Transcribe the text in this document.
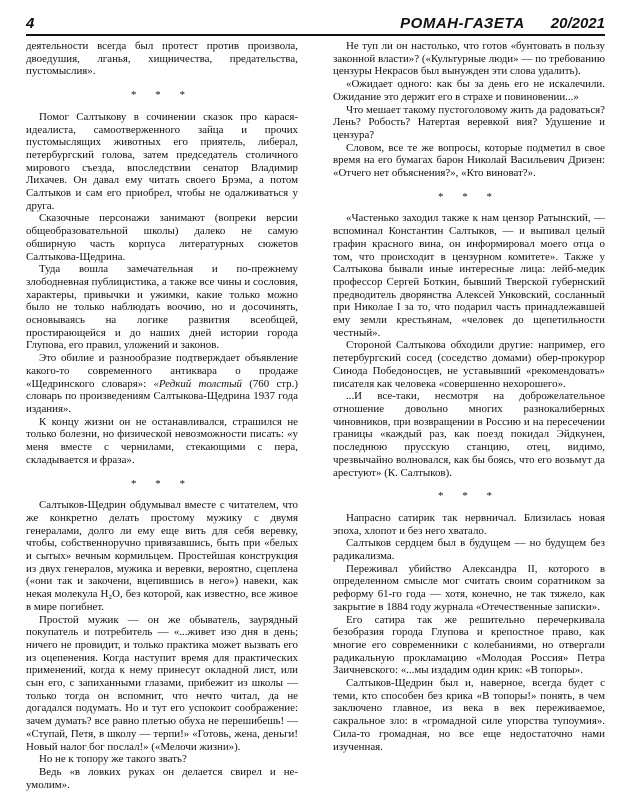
4	РОМАН-ГАЗЕТА 20/2021

деятельности всегда был протест против произвола, двоедушия, лганья, хищничества, предательства, пустомыслия».

* * *

Помог Салтыкову в сочинении сказок про карася-идеалиста, самоотверженного зайца и прочих пустомыслящих животных его приятель, либерал, петербургский голова, затем председатель столичного мирового съезда, впоследствии сенатор Владимир Лихачев. Он давал ему читать своего Брэма, а потом Салтыков и сам его приобрел, чтобы не одалживаться у друга.

Сказочные персонажи занимают (вопреки версии общеобразовательной школы) далеко не самую обширную часть корпуса литературных сюжетов Салтыкова-Щедрина.

Туда вошла замечательная и по-прежнему злободневная публицистика, а также все чины и сословия, характеры, привычки и ужимки, какие только можно было не только наблюдать воочию, но и досочинять, основываясь на логике развития всеобщей, простирающейся и до наших дней истории города Глупова, его правил, уложений и законов.

Это обилие и разнообразие подтверждает объявление какого-то современного антиквара о продаже «Щедринского словаря»: «Редкий толстый (760 стр.) словарь по произведениям Салтыкова-Щедрина 1937 года издания».

К концу жизни он не останавливался, страшился не только болезни, но физической невозможности писать: «у меня вместе с чернилами, стекающими с пера, складывается и фраза».

* * *

Салтыков-Щедрин обдумывал вместе с читателем, что же конкретно делать простому мужику с двумя генералами, долго ли ему еще вить для себя веревку, чтобы, собственноручно привязавшись, быть при «белых и сытых» вечным кормильцем. Простейшая конструкция из двух генералов, мужика и веревки, вероятно, сцеплена («они так и закочени, вцепившись в него») навеки, как некая молекула H₂O, без которой, как известно, все живое в мире погибнет.

Простой мужик — он же обыватель, заурядный покупатель и потребитель — «...живет изо дня в день; ничего не провидит, и только практика может вызвать его из оцепенения. Когда наступит время для практических применений, когда к нему принесут окладной лист, или сын его, с запиханными глазами, прибежит из школы — только тогда он вспомнит, что нечто читал, да не догадался подумать. Но и тут его успокоит соображение: зачем думать? все равно плетью обуха не перешибешь! — «Ступай, Петя, в школу — терпи!» «Готовь, жена, деньги! Новый налог бог послал!» («Мелочи жизни»).

Но не к топору же такого звать?

Ведь «в ловких руках он делается свирел и не-умолим».

Не туп ли он настолько, что готов «бунтовать в пользу законной власти»? («Культурные люди» — по требованию цензуры Некрасов был вынужден эти слова удалить).

«Ожидает одного: как бы за день его не искалечили. Ожидание это держит его в страхе и повиновении...»

Что мешает такому пустоголовому жить да радоваться? Лень? Робость? Натертая веревкой вия? Удушение и цензура?

Словом, все те же вопросы, которые подметил в свое время на его бумагах барон Николай Васильевич Дризен: «Отчего нет объяснения?», «Кто виноват?».

* * *

«Частенько заходил также к нам цензор Ратынский, — вспоминал Константин Салтыков, — и выпивал целый графин красного вина, он информировал моего отца о том, что происходит в цензурном комитете». Также у Салтыкова бывали иные интересные лица: лейб-медик профессор Сергей Боткин, бывший Тверской губернский предводитель дворянства Алексей Унковский, сосланный при Николае I за то, что подарил часть принадлежавшей ему земли крестьянам, «человек до щепетильности честный».

Стороной Салтыкова обходили другие: например, его петербургский сосед (соседство домами) обер-прокурор Синода Победоносцев, не уставывший «рекомендовать» писателя как человека «совершенно нехорошего».

...И все-таки, несмотря на доброжелательное отношение довольно многих разнокалиберных чиновников, при возвращении в Россию и на пересечении границы «каждый раз, как поезд покидал Эйдкунен, последнюю прусскую станцию, отец, видимо, чрезвычайно волновался, как бы боясь, что его возьмут да арестуют» (К. Салтыков).

* * *

Напрасно сатирик так нервничал. Близилась новая эпоха, хлопот и без него хватало.

Салтыков сердцем был в будущем — но будущем без радикализма.

Переживал убийство Александра II, которого в определенном смысле мог считать своим соратником за реформу 61-го года — хотя, конечно, не так тяжело, как закрытие в 1884 году журнала «Отечественные записки».

Его сатира так же решительно перечеркивала безобразия города Глупова и крепостное право, как многие его современники с колебаниями, но отвергали радикальную прокламацию «Молодая Россия» Петра Заичневского: «...мы издадим один крик: «В топоры».

Салтыков-Щедрин был и, наверное, всегда будет с теми, кто способен без крика «В топоры!» понять, в чем заключено главное, из века в век переживаемое, сакральное зло: в «громадной силе упорства тупоумия». Сила-то громадная, но все еще недостаточно нами изученная.
